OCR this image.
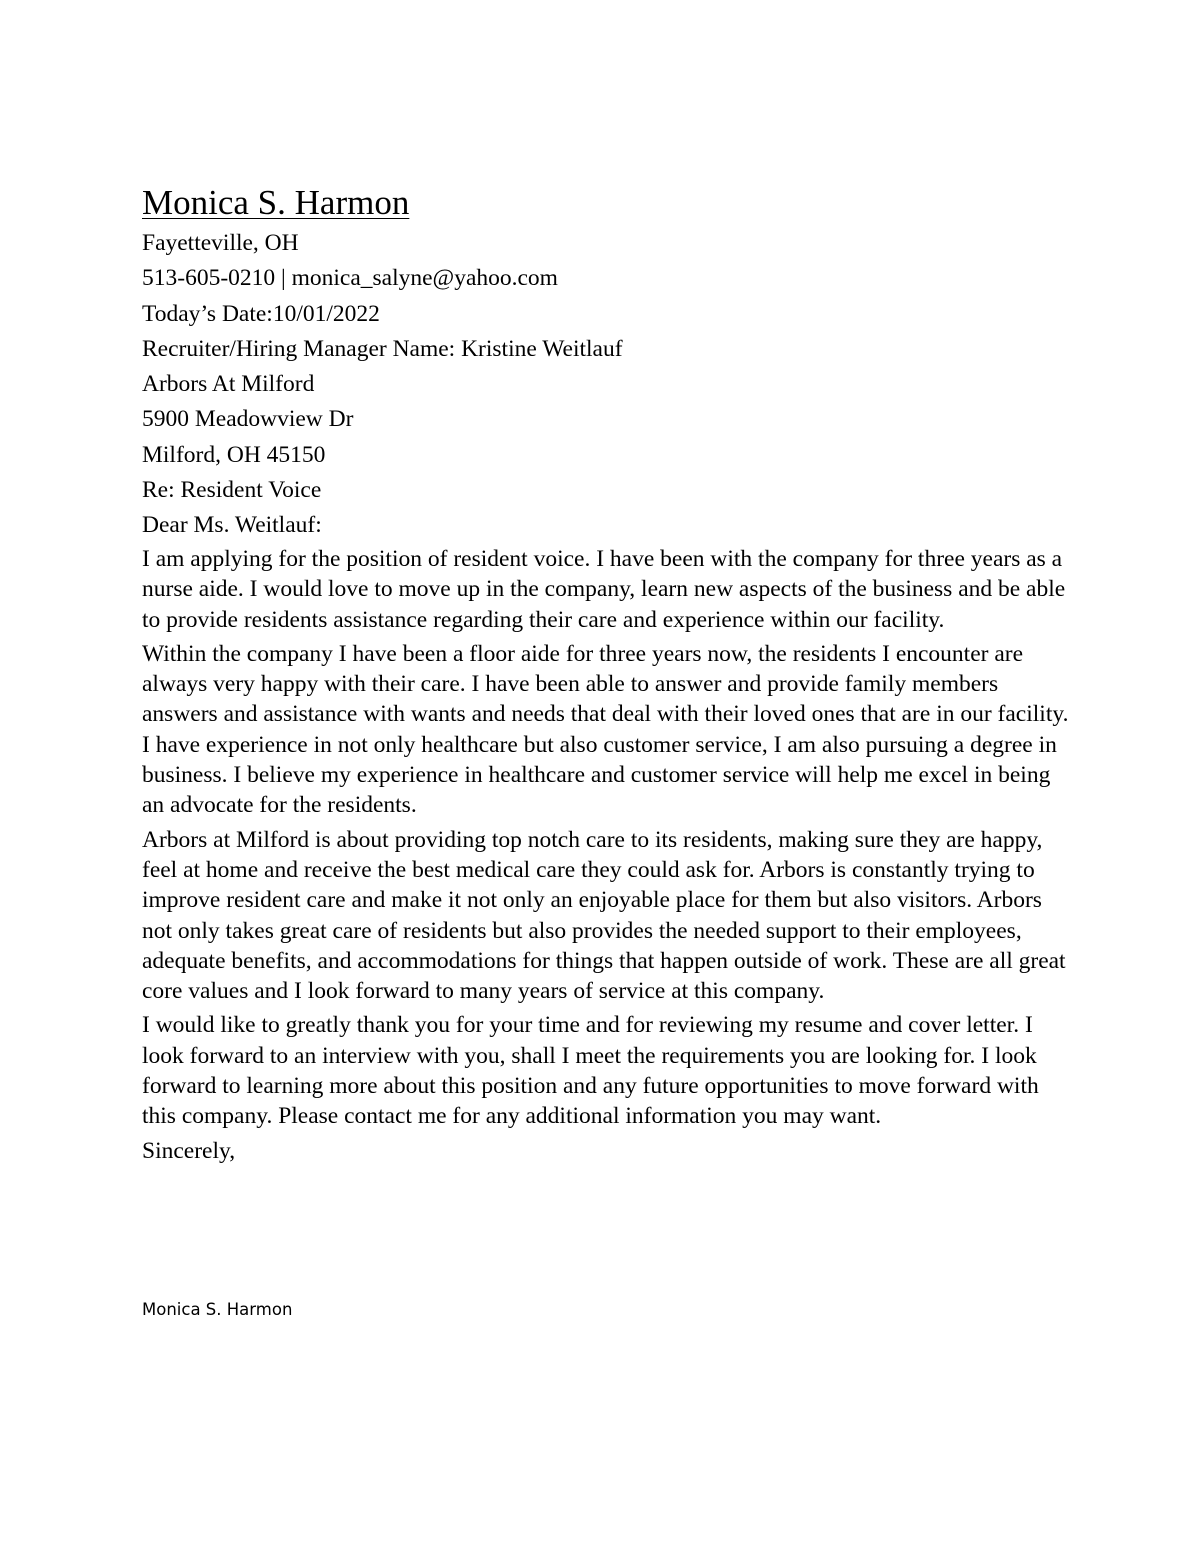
Monica S. Harmon
Fayetteville, OH
513-605-0210 | monica_salyne@yahoo.com
Today’s Date:10/01/2022
Recruiter/Hiring Manager Name: Kristine Weitlauf
Arbors At Milford
5900 Meadowview Dr
Milford, OH 45150
Re: Resident Voice
Dear Ms. Weitlauf:

I am applying for the position of resident voice. I have been with the company for three years as a nurse aide. I would love to move up in the company, learn new aspects of the business and be able to provide residents assistance regarding their care and experience within our facility.

Within the company I have been a floor aide for three years now, the residents I encounter are always very happy with their care. I have been able to answer and provide family members answers and assistance with wants and needs that deal with their loved ones that are in our facility. I have experience in not only healthcare but also customer service, I am also pursuing a degree in business. I believe my experience in healthcare and customer service will help me excel in being an advocate for the residents.

Arbors at Milford is about providing top notch care to its residents, making sure they are happy, feel at home and receive the best medical care they could ask for. Arbors is constantly trying to improve resident care and make it not only an enjoyable place for them but also visitors. Arbors not only takes great care of residents but also provides the needed support to their employees, adequate benefits, and accommodations for things that happen outside of work. These are all great core values and I look forward to many years of service at this company.

I would like to greatly thank you for your time and for reviewing my resume and cover letter. I look forward to an interview with you, shall I meet the requirements you are looking for. I look forward to learning more about this position and any future opportunities to move forward with this company. Please contact me for any additional information you may want.

Sincerely,
Monica S. Harmon
